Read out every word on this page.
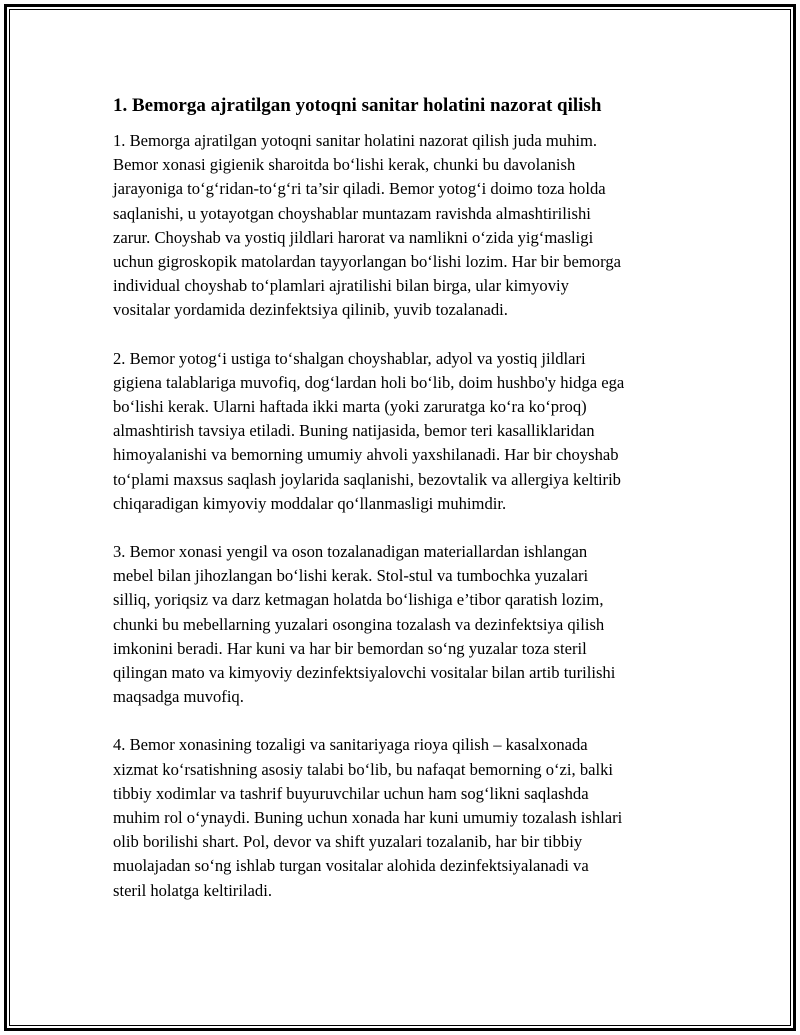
1. Bemorga ajratilgan yotoqni sanitar holatini nazorat qilish

1. Bemorga ajratilgan yotoqni sanitar holatini nazorat qilish juda muhim.
Bemor xonasi gigienik sharoitda bo‘lishi kerak, chunki bu davolanish
jarayoniga to‘g‘ridan-to‘g‘ri ta’sir qiladi. Bemor yotog‘i doimo toza holda
saqlanishi, u yotayotgan choyshablar muntazam ravishda almashtirilishi
zarur. Choyshab va yostiq jildlari harorat va namlikni o‘zida yig‘masligi
uchun gigroskopik matolardan tayyorlangan bo‘lishi lozim. Har bir bemorga
individual choyshab to‘plamlari ajratilishi bilan birga, ular kimyoviy
vositalar yordamida dezinfektsiya qilinib, yuvib tozalanadi.

2. Bemor yotog‘i ustiga to‘shalgan choyshablar, adyol va yostiq jildlari
gigiena talablariga muvofiq, dog‘lardan holi bo‘lib, doim hushbo'y hidga ega
bo‘lishi kerak. Ularni haftada ikki marta (yoki zaruratga ko‘ra ko‘proq)
almashtirish tavsiya etiladi. Buning natijasida, bemor teri kasalliklaridan
himoyalanishi va bemorning umumiy ahvoli yaxshilanadi. Har bir choyshab
to‘plami maxsus saqlash joylarida saqlanishi, bezovtalik va allergiya keltirib
chiqaradigan kimyoviy moddalar qo‘llanmasligi muhimdir.

3. Bemor xonasi yengil va oson tozalanadigan materiallardan ishlangan
mebel bilan jihozlangan bo‘lishi kerak. Stol-stul va tumbochka yuzalari
silliq, yoriqsiz va darz ketmagan holatda bo‘lishiga e’tibor qaratish lozim,
chunki bu mebellarning yuzalari osongina tozalash va dezinfektsiya qilish
imkonini beradi. Har kuni va har bir bemordan so‘ng yuzalar toza steril
qilingan mato va kimyoviy dezinfektsiyalovchi vositalar bilan artib turilishi
maqsadga muvofiq.

4. Bemor xonasining tozaligi va sanitariyaga rioya qilish – kasalxonada
xizmat ko‘rsatishning asosiy talabi bo‘lib, bu nafaqat bemorning o‘zi, balki
tibbiy xodimlar va tashrif buyuruvchilar uchun ham sog‘likni saqlashda
muhim rol o‘ynaydi. Buning uchun xonada har kuni umumiy tozalash ishlari
olib borilishi shart. Pol, devor va shift yuzalari tozalanib, har bir tibbiy
muolajadan so‘ng ishlab turgan vositalar alohida dezinfektsiyalanadi va
steril holatga keltiriladi.
